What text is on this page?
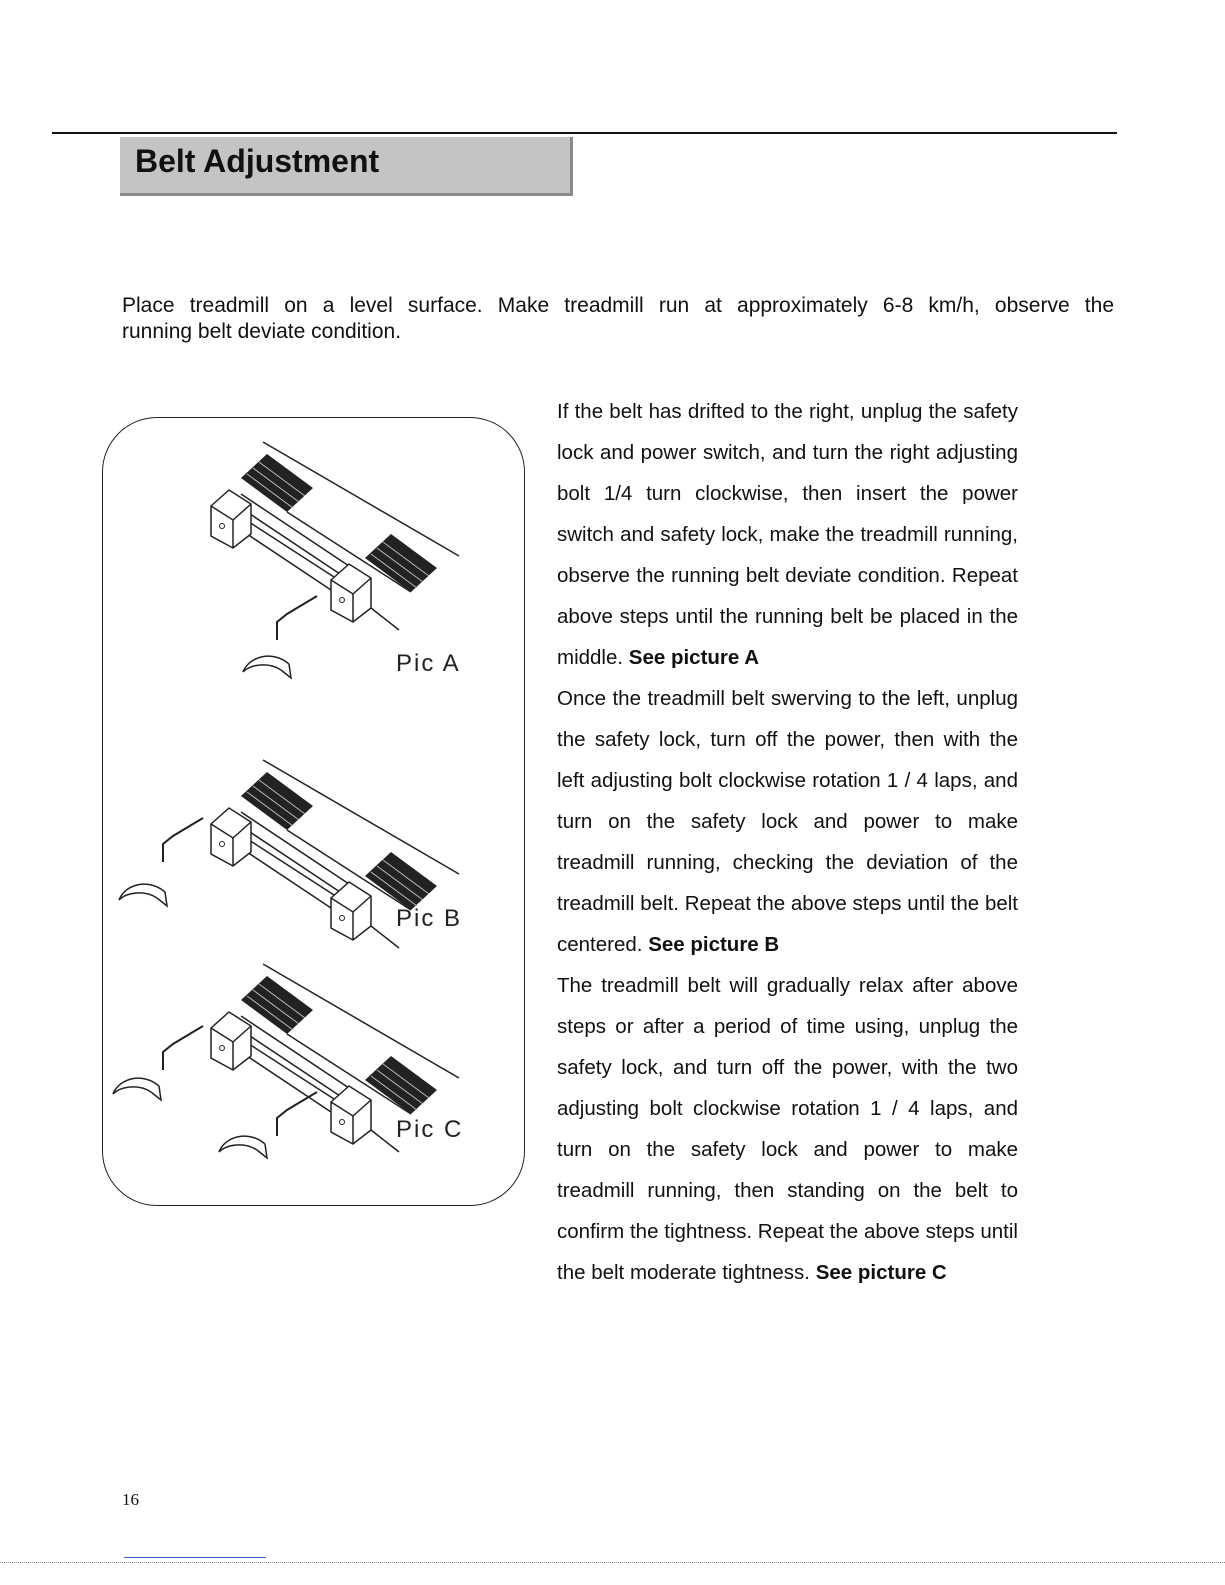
Belt Adjustment
Place treadmill on a level surface. Make treadmill run at approximately 6-8 km/h, observe the
running belt deviate condition.
Pic A
Pic B
Pic C
If the belt has drifted to the right, unplug the safety lock and power switch, and turn the right adjusting bolt 1/4 turn clockwise, then insert the power switch and safety lock, make the treadmill running, observe the running belt deviate condition. Repeat above steps until the running belt be placed in the middle. See picture A
Once the treadmill belt swerving to the left, unplug the safety lock, turn off the power, then with the left adjusting bolt clockwise rotation 1 / 4 laps, and turn on the safety lock and power to make treadmill running, checking the deviation of the treadmill belt. Repeat the above steps until the belt centered. See picture B
The treadmill belt will gradually relax after above steps or after a period of time using, unplug the safety lock, and turn off the power, with the two adjusting bolt clockwise rotation 1 / 4 laps, and turn on the safety lock and power to make treadmill running, then standing on the belt to confirm the tightness. Repeat the above steps until the belt moderate tightness. See picture C
16
